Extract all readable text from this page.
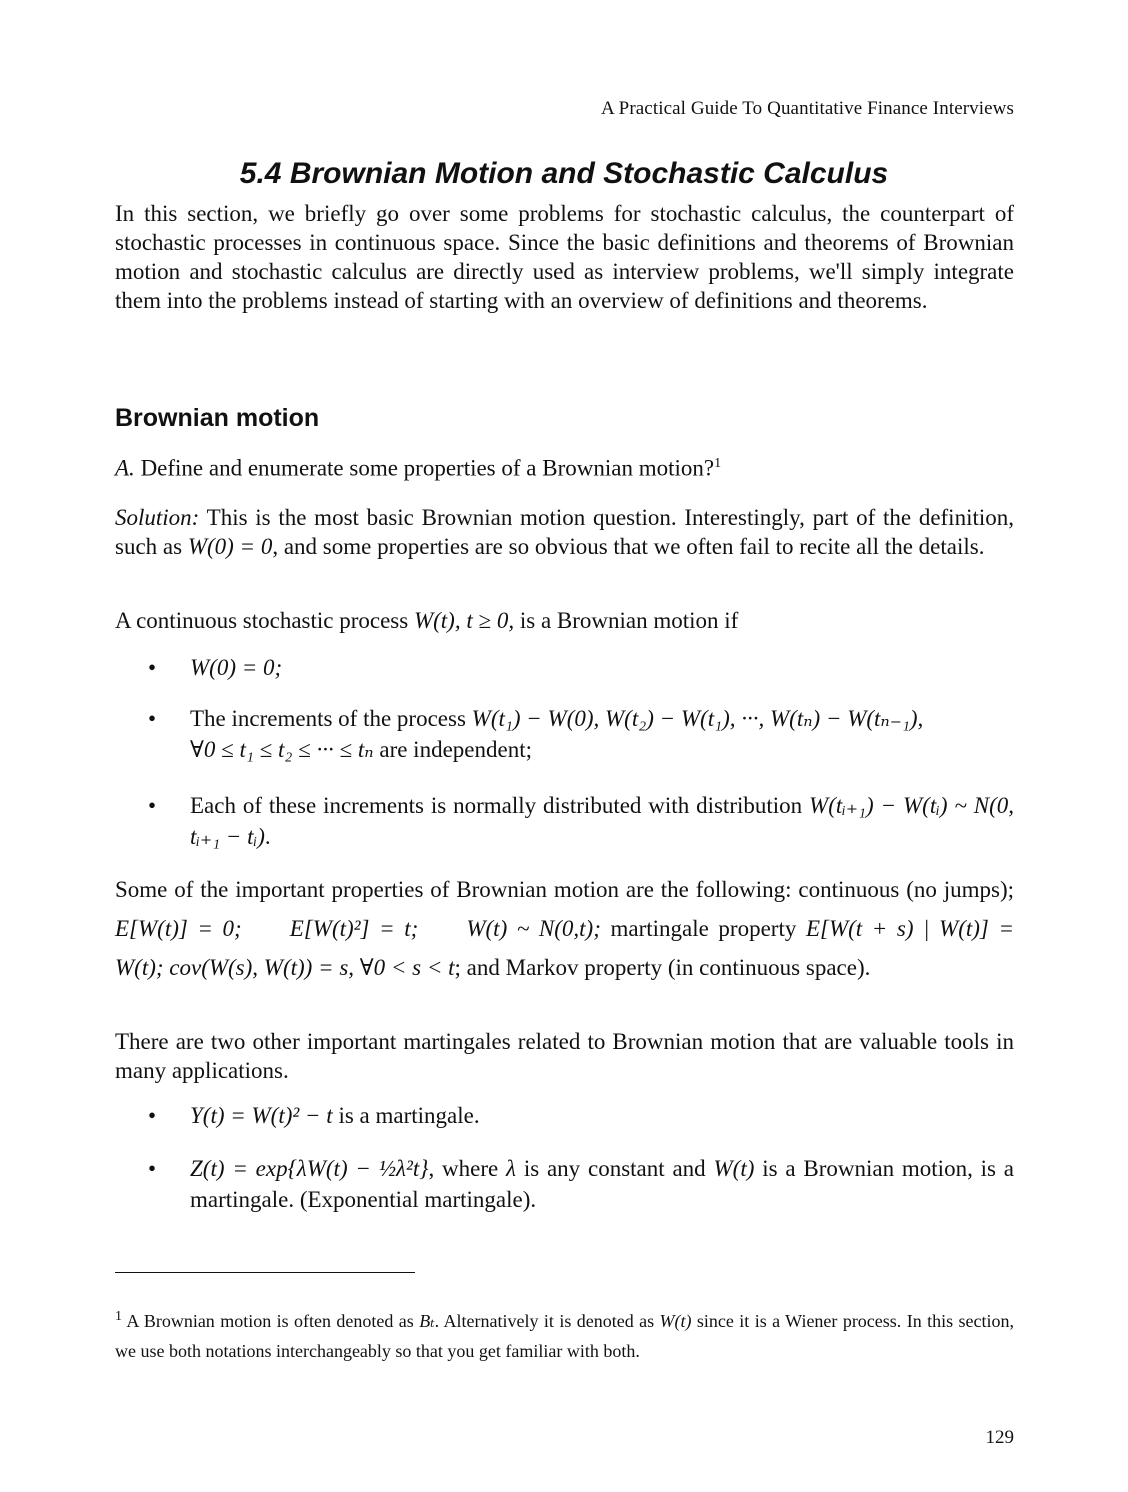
A Practical Guide To Quantitative Finance Interviews
5.4 Brownian Motion and Stochastic Calculus
In this section, we briefly go over some problems for stochastic calculus, the counterpart of stochastic processes in continuous space. Since the basic definitions and theorems of Brownian motion and stochastic calculus are directly used as interview problems, we'll simply integrate them into the problems instead of starting with an overview of definitions and theorems.
Brownian motion
A. Define and enumerate some properties of a Brownian motion?$^1$
Solution: This is the most basic Brownian motion question. Interestingly, part of the definition, such as W(0) = 0, and some properties are so obvious that we often fail to recite all the details.
A continuous stochastic process W(t), t ≥ 0, is a Brownian motion if
• W(0) = 0;
• The increments of the process W(t₁) − W(0), W(t₂) − W(t₁), ···, W(tₙ) − W(tₙ₋₁),
∀0 ≤ t₁ ≤ t₂ ≤ ··· ≤ tₙ are independent;
• Each of these increments is normally distributed with distribution W(tᵢ₊₁) − W(tᵢ) ~ N(0, tᵢ₊₁ − tᵢ).
Some of the important properties of Brownian motion are the following: continuous (no jumps); E[W(t)] = 0; E[W(t)²] = t; W(t) ~ N(0,t); martingale property E[W(t + s) | W(t)] = W(t); cov(W(s), W(t)) = s, ∀0 < s < t; and Markov property (in continuous space).
There are two other important martingales related to Brownian motion that are valuable tools in many applications.
• Y(t) = W(t)² − t is a martingale.
• Z(t) = exp{λW(t) − ½λ²t}, where λ is any constant and W(t) is a Brownian motion, is a martingale. (Exponential martingale).
$^1$ A Brownian motion is often denoted as Bₜ. Alternatively it is denoted as W(t) since it is a Wiener process. In this section, we use both notations interchangeably so that you get familiar with both.
129
